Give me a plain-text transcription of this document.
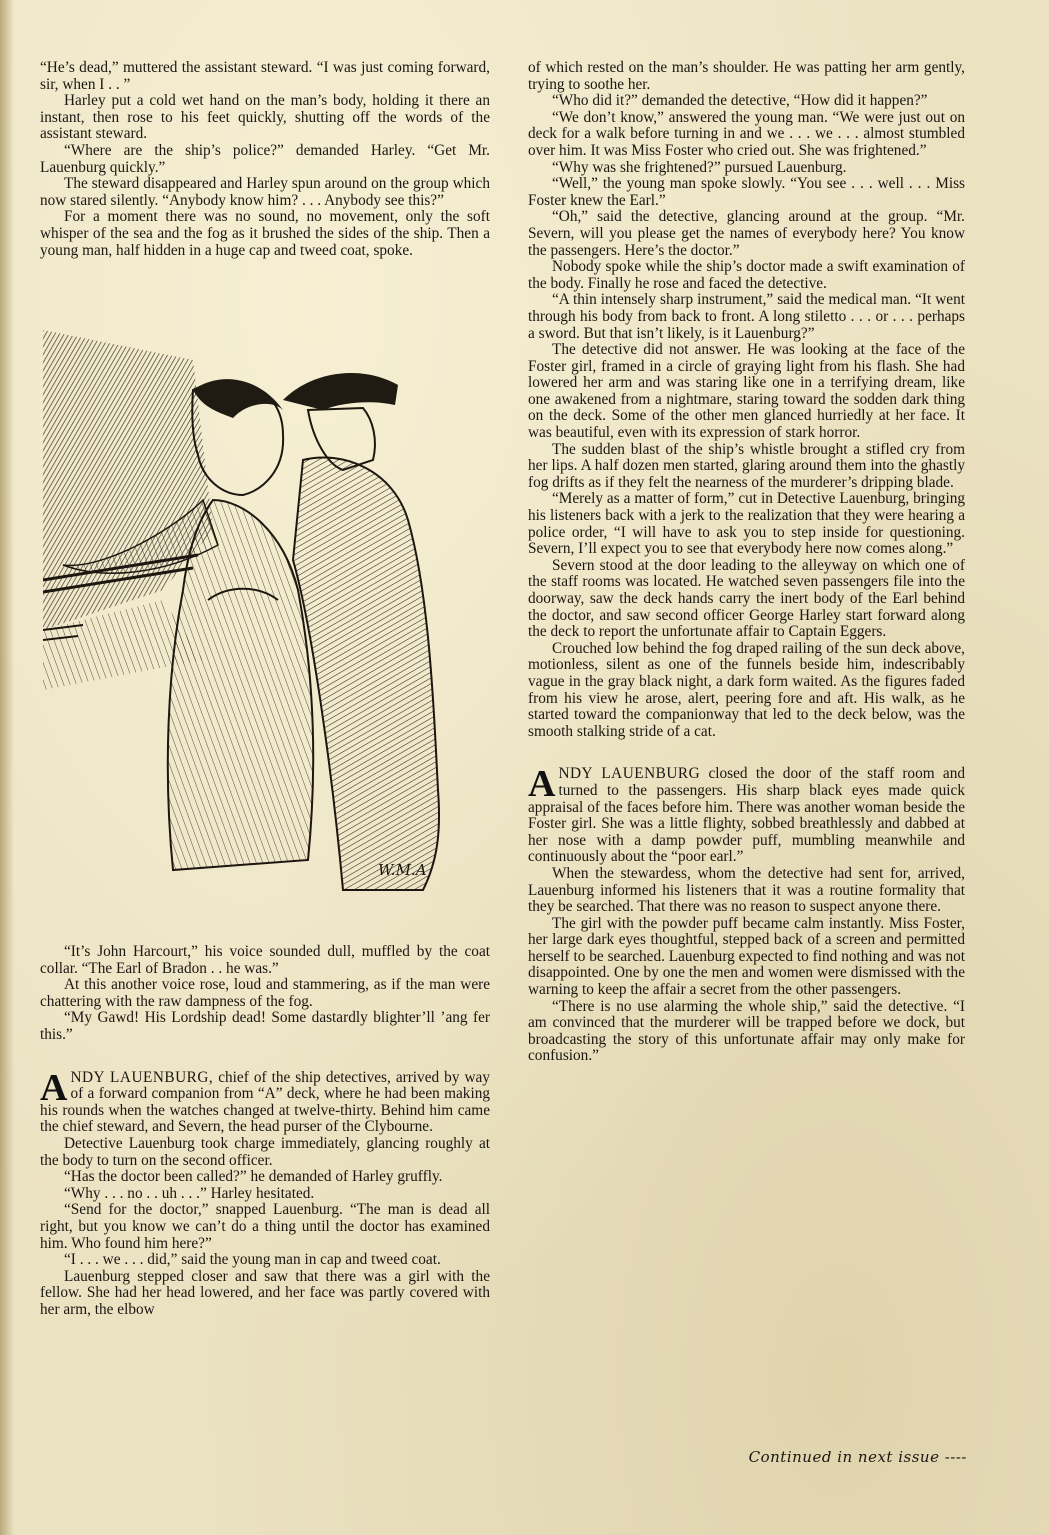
“He’s dead,” muttered the assistant steward. “I was just coming forward, sir, when I . . ”

Harley put a cold wet hand on the man’s body, holding it there an instant, then rose to his feet quickly, shutting off the words of the assistant steward.

“Where are the ship’s police?” demanded Harley. “Get Mr. Lauenburg quickly.”

The steward disappeared and Harley spun around on the group which now stared silently. “Anybody know him? . . . Anybody see this?”

For a moment there was no sound, no movement, only the soft whisper of the sea and the fog as it brushed the sides of the ship. Then a young man, half hidden in a huge cap and tweed coat, spoke.

W.M.A

“It’s John Harcourt,” his voice sounded dull, muffled by the coat collar. “The Earl of Bradon . . he was.”

At this another voice rose, loud and stammering, as if the man were chattering with the raw dampness of the fog.

“My Gawd! His Lordship dead! Some dastardly blighter’ll ’ang fer this.”

ANDY LAUENBURG, chief of the ship detectives, arrived by way of a forward companion from “A” deck, where he had been making his rounds when the watches changed at twelve-thirty. Behind him came the chief steward, and Severn, the head purser of the Clybourne.

Detective Lauenburg took charge immediately, glancing roughly at the body to turn on the second officer.

“Has the doctor been called?” he demanded of Harley gruffly.

“Why . . . no . . uh . . .” Harley hesitated.

“Send for the doctor,” snapped Lauenburg. “The man is dead all right, but you know we can’t do a thing until the doctor has examined him. Who found him here?”

“I . . . we . . . did,” said the young man in cap and tweed coat.

Lauenburg stepped closer and saw that there was a girl with the fellow. She had her head lowered, and her face was partly covered with her arm, the elbow

of which rested on the man’s shoulder. He was patting her arm gently, trying to soothe her.

“Who did it?” demanded the detective, “How did it happen?”

“We don’t know,” answered the young man. “We were just out on deck for a walk before turning in and we . . . we . . . almost stumbled over him. It was Miss Foster who cried out. She was frightened.”

“Why was she frightened?” pursued Lauenburg.

“Well,” the young man spoke slowly. “You see . . . well . . . Miss Foster knew the Earl.”

“Oh,” said the detective, glancing around at the group. “Mr. Severn, will you please get the names of everybody here? You know the passengers. Here’s the doctor.”

Nobody spoke while the ship’s doctor made a swift examination of the body. Finally he rose and faced the detective.

“A thin intensely sharp instrument,” said the medical man. “It went through his body from back to front. A long stiletto . . . or . . . perhaps a sword. But that isn’t likely, is it Lauenburg?”

The detective did not answer. He was looking at the face of the Foster girl, framed in a circle of graying light from his flash. She had lowered her arm and was staring like one in a terrifying dream, like one awakened from a nightmare, staring toward the sodden dark thing on the deck. Some of the other men glanced hurriedly at her face. It was beautiful, even with its expression of stark horror.

The sudden blast of the ship’s whistle brought a stifled cry from her lips. A half dozen men started, glaring around them into the ghastly fog drifts as if they felt the nearness of the murderer’s dripping blade.

“Merely as a matter of form,” cut in Detective Lauenburg, bringing his listeners back with a jerk to the realization that they were hearing a police order, “I will have to ask you to step inside for questioning. Severn, I’ll expect you to see that everybody here now comes along.”

Severn stood at the door leading to the alleyway on which one of the staff rooms was located. He watched seven passengers file into the doorway, saw the deck hands carry the inert body of the Earl behind the doctor, and saw second officer George Harley start forward along the deck to report the unfortunate affair to Captain Eggers.

Crouched low behind the fog draped railing of the sun deck above, motionless, silent as one of the funnels beside him, indescribably vague in the gray black night, a dark form waited. As the figures faded from his view he arose, alert, peering fore and aft. His walk, as he started toward the companionway that led to the deck below, was the smooth stalking stride of a cat.

ANDY LAUENBURG closed the door of the staff room and turned to the passengers. His sharp black eyes made quick appraisal of the faces before him. There was another woman beside the Foster girl. She was a little flighty, sobbed breathlessly and dabbed at her nose with a damp powder puff, mumbling meanwhile and continuously about the “poor earl.”

When the stewardess, whom the detective had sent for, arrived, Lauenburg informed his listeners that it was a routine formality that they be searched. That there was no reason to suspect anyone there.

The girl with the powder puff became calm instantly. Miss Foster, her large dark eyes thoughtful, stepped back of a screen and permitted herself to be searched. Lauenburg expected to find nothing and was not disappointed. One by one the men and women were dismissed with the warning to keep the affair a secret from the other passengers.

“There is no use alarming the whole ship,” said the detective. “I am convinced that the murderer will be trapped before we dock, but broadcasting the story of this unfortunate affair may only make for confusion.”

Continued in next issue ----
